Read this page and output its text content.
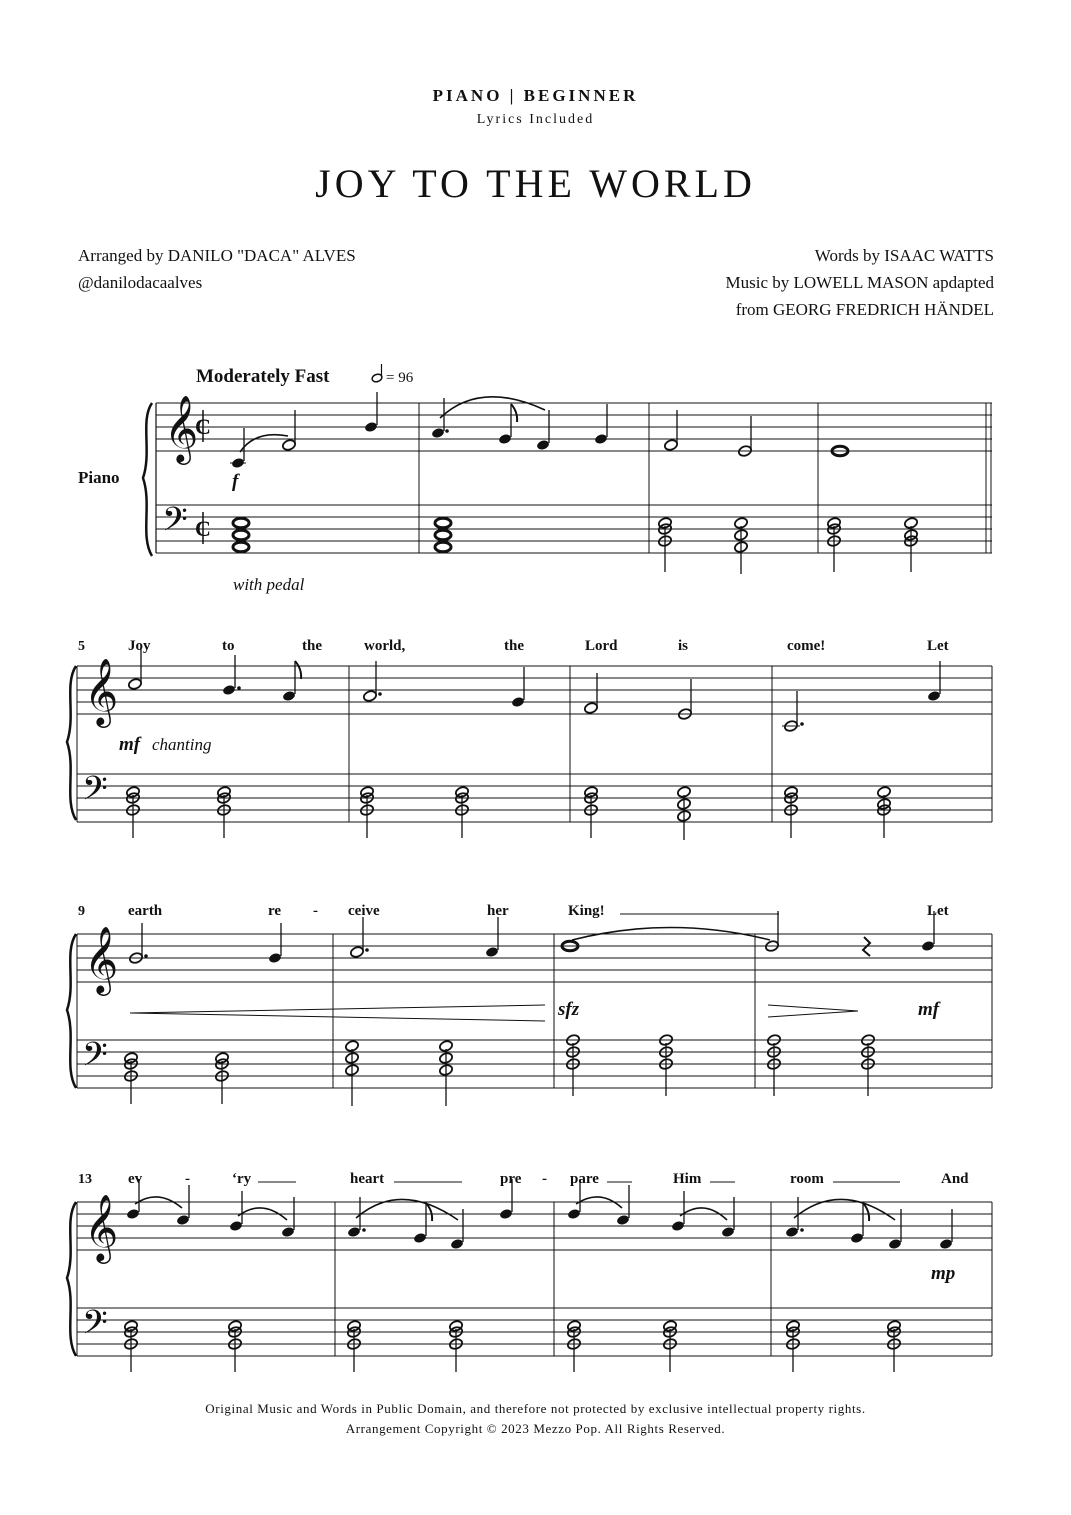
PIANO | BEGINNER
Lyrics Included
JOY TO THE WORLD
Arranged by DANILO "DACA" ALVES
@danilodacaalves
Words by ISAAC WATTS
Music by LOWELL MASON apdapted
from GEORG FREDRICH HÄNDEL
Moderately Fast	= 96
Piano
𝄞
𝄢
C
C
f
with pedal
5	Joy	to	the	world,	the	Lord	is	come!	Let
𝄞
𝄢
mf chanting
9	earth	re - ceive	her	King!	Let
𝄞
𝄢
sfz	mf
13 ev	-	‘ry	heart	pre - pare	Him	room	And
𝄞
𝄢
mp
Original Music and Words in Public Domain, and therefore not protected by exclusive intellectual property rights.
Arrangement Copyright © 2023 Mezzo Pop. All Rights Reserved.
